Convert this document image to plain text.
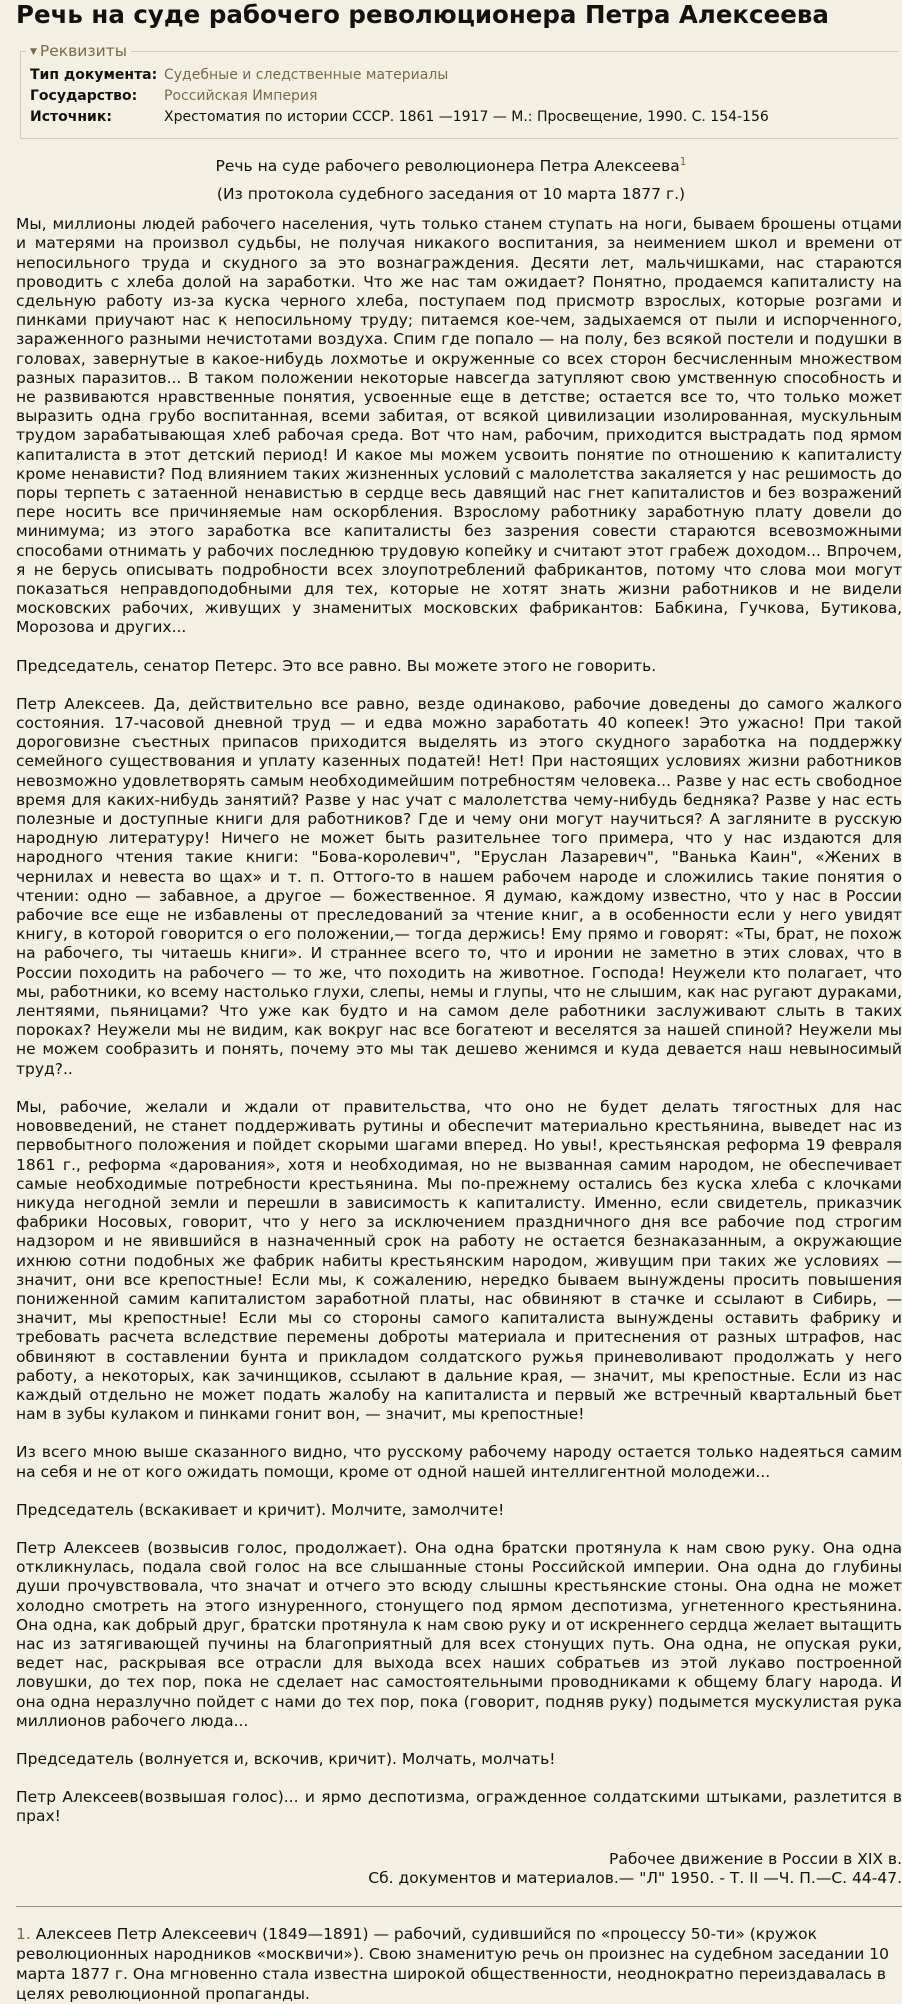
Речь на суде рабочего революционера Петра Алексеева
▼ Реквизиты
Тип документа: Судебные и следственные материалы
Государство:	Российская Империя
Источник:	Хрестоматия по истории СССР. 1861 —1917 — М.: Просвещение, 1990. С. 154-156
Речь на суде рабочего революционера Петра Алексеева$^1$
(Из протокола судебного заседания от 10 марта 1877 г.)

Мы, миллионы людей рабочего населения, чуть только станем ступать на ноги, бываем брошены отцами и матерями на произвол судьбы, не получая никакого воспитания, за неимением школ и времени от непосильного труда и скудного за это вознаграждения. Десяти лет, мальчишками, нас стараются проводить с хлеба долой на заработки. Что же нас там ожидает? Понятно, продаемся капиталисту на сдельную работу из-за куска черного хлеба, поступаем под присмотр взрослых, которые розгами и пинками приучают нас к непосильному труду; питаемся кое-чем, задыхаемся от пыли и испорченного, зараженного разными нечистотами воздуха. Спим где попало — на полу, без всякой постели и подушки в головах, завернутые в какое-нибудь лохмотье и окруженные со всех сторон бесчисленным множеством разных паразитов... В таком положении некоторые навсегда затупляют свою умственную способность и не развиваются нравственные понятия, усвоенные еще в детстве; остается все то, что только может выразить одна грубо воспитанная, всеми забитая, от всякой цивилизации изолированная, мускульным трудом зарабатывающая хлеб рабочая среда. Вот что нам, рабочим, приходится выстрадать под ярмом капиталиста в этот детский период! И какое мы можем усвоить понятие по отношению к капиталисту кроме ненависти? Под влиянием таких жизненных условий с малолетства закаляется у нас решимость до поры терпеть с затаенной ненавистью в сердце весь давящий нас гнет капиталистов и без возражений пере носить все причиняемые нам оскорбления. Взрослому работнику заработную плату довели до минимума; из этого заработка все капиталисты без зазрения совести стараются всевозможными способами отнимать у рабочих последнюю трудовую копейку и считают этот грабеж доходом... Впрочем, я не берусь описывать подробности всех злоупотреблений фабрикантов, потому что слова мои могут показаться неправдоподобными для тех, которые не хотят знать жизни работников и не видели московских рабочих, живущих у знаменитых московских фабрикантов: Бабкина, Гучкова, Бутикова, Морозова и других...

Председатель, сенатор Петерс. Это все равно. Вы можете этого не говорить.

Петр Алексеев. Да, действительно все равно, везде одинаково, рабочие доведены до самого жалкого состояния. 17-часовой дневной труд — и едва можно заработать 40 копеек! Это ужасно! При такой дороговизне съестных припасов приходится выделять из этого скудного заработка на поддержку семейного существования и уплату казенных податей! Нет! При настоящих условиях жизни работников невозможно удовлетворять самым необходимейшим потребностям человека... Разве у нас есть свободное время для каких-нибудь занятий? Разве у нас учат с малолетства чему-нибудь бедняка? Разве у нас есть полезные и доступные книги для работников? Где и чему они могут научиться? А загляните в русскую народную литературу! Ничего не может быть разительнее того примера, что у нас издаются для народного чтения такие книги: "Бова-королевич", "Еруслан Лазаревич", "Ванька Каин", «Жених в чернилах и невеста во щах» и т. п. Оттого-то в нашем рабочем народе и сложились такие понятия о чтении: одно — забавное, а другое — божественное. Я думаю, каждому известно, что у нас в России рабочие все еще не избавлены от преследований за чтение книг, а в особенности если у него увидят книгу, в которой говорится о его положении,— тогда держись! Ему прямо и говорят: «Ты, брат, не похож на рабочего, ты читаешь книги». И страннее всего то, что и иронии не заметно в этих словах, что в России походить на рабочего — то же, что походить на животное. Господа! Неужели кто полагает, что мы, работники, ко всему настолько глухи, слепы, немы и глупы, что не слышим, как нас ругают дураками, лентяями, пьяницами? Что уже как будто и на самом деле работники заслуживают слыть в таких пороках? Неужели мы не видим, как вокруг нас все богатеют и веселятся за нашей спиной? Неужели мы не можем сообразить и понять, почему это мы так дешево женимся и куда девается наш невыносимый труд?..

Мы, рабочие, желали и ждали от правительства, что оно не будет делать тягостных для нас нововведений, не станет поддерживать рутины и обеспечит материально крестьянина, выведет нас из первобытного положения и пойдет скорыми шагами вперед. Но увы!, крестьянская реформа 19 февраля 1861 г., реформа «дарования», хотя и необходимая, но не вызванная самим народом, не обеспечивает самые необходимые потребности крестьянина. Мы по-прежнему остались без куска хлеба с клочками никуда негодной земли и перешли в зависимость к капиталисту. Именно, если свидетель, приказчик фабрики Носовых, говорит, что у него за исключением праздничного дня все рабочие под строгим надзором и не явившийся в назначенный срок на работу не остается безнаказанным, а окружающие ихнюю сотни подобных же фабрик набиты крестьянским народом, живущим при таких же условиях — значит, они все крепостные! Если мы, к сожалению, нередко бываем вынуждены просить повышения пониженной самим капиталистом заработной платы, нас обвиняют в стачке и ссылают в Сибирь, — значит, мы крепостные! Если мы со стороны самого капиталиста вынуждены оставить фабрику и требовать расчета вследствие перемены доброты материала и притеснения от разных штрафов, нас обвиняют в составлении бунта и прикладом солдатского ружья приневоливают продолжать у него работу, а некоторых, как зачинщиков, ссылают в дальние края, — значит, мы крепостные. Если из нас каждый отдельно не может подать жалобу на капиталиста и первый же встречный квартальный бьет нам в зубы кулаком и пинками гонит вон, — значит, мы крепостные!

Из всего мною выше сказанного видно, что русскому рабочему народу остается только надеяться самим на себя и не от кого ожидать помощи, кроме от одной нашей интеллигентной молодежи...

Председатель (вскакивает и кричит). Молчите, замолчите!

Петр Алексеев (возвысив голос, продолжает). Она одна братски протянула к нам свою руку. Она одна откликнулась, подала свой голос на все слышанные стоны Российской империи. Она одна до глубины души прочувствовала, что значат и отчего это всюду слышны крестьянские стоны. Она одна не может холодно смотреть на этого изнуренного, стонущего под ярмом деспотизма, угнетенного крестьянина. Она одна, как добрый друг, братски протянула к нам свою руку и от искреннего сердца желает вытащить нас из затягивающей пучины на благоприятный для всех стонущих путь. Она одна, не опуская руки, ведет нас, раскрывая все отрасли для выхода всех наших собратьев из этой лукаво построенной ловушки, до тех пор, пока не сделает нас самостоятельными проводниками к общему благу народа. И она одна неразлучно пойдет с нами до тех пор, пока (говорит, подняв руку) подымется мускулистая рука миллионов рабочего люда...

Председатель (волнуется и, вскочив, кричит). Молчать, молчать!

Петр Алексеев(возвышая голос)... и ярмо деспотизма, огражденное солдатскими штыками, разлетится в прах!

Рабочее движение в России в XIX в.
Сб. документов и материалов.— "Л" 1950. - Т. II —Ч. П.—С. 44-47.
1. Алексеев Петр Алексеевич (1849—1891) — рабочий, судившийся по «процессу 50-ти» (кружок революционных народников «москвичи»). Свою знаменитую речь он произнес на судебном заседании 10 марта 1877 г. Она мгновенно стала известна широкой общественности, неоднократно переиздавалась в целях революционной пропаганды.
